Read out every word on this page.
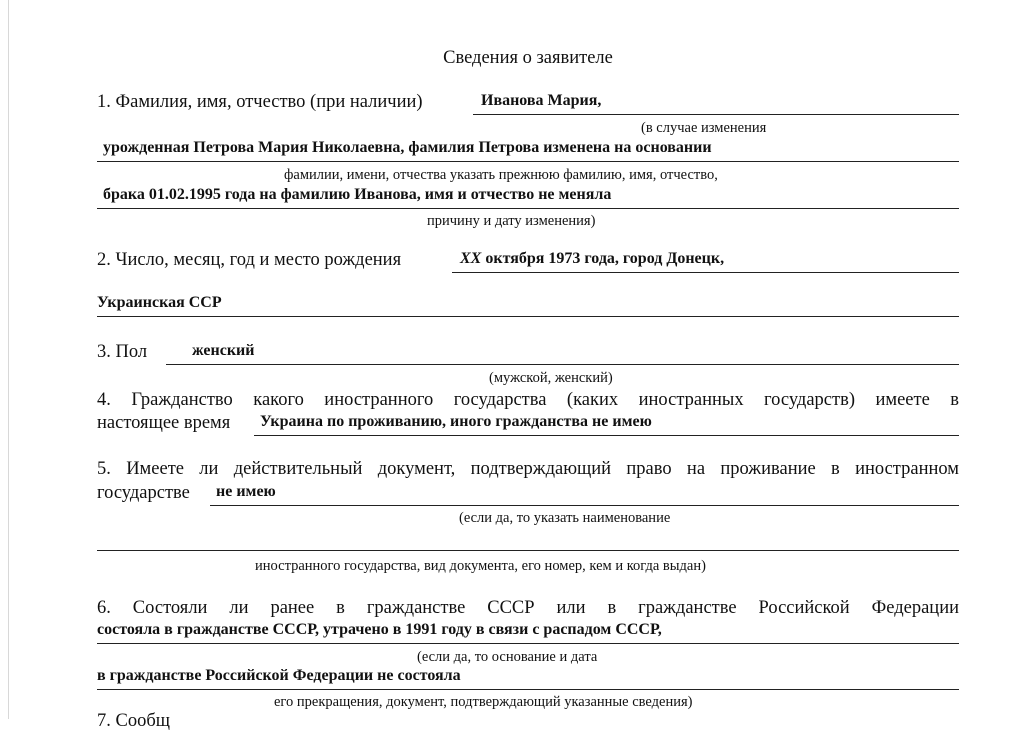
Сведения о заявителе
1. Фамилия, имя, отчество (при наличии)	Иванова Мария,
(в случае изменения
урожденная Петрова Мария Николаевна, фамилия Петрова изменена на основании
фамилии, имени, отчества указать прежнюю фамилию, имя, отчество,
брака 01.02.1995 года на фамилию Иванова, имя и отчество не меняла
причину и дату изменения)
2. Число, месяц, год и место рождения	ХХ октября 1973 года, город Донецк,
Украинская ССР
3. Пол	женский
(мужской, женский)
4. Гражданство какого иностранного государства (каких иностранных государств) имеете в
настоящее время	Украина по проживанию, иного гражданства не имею
5. Имеете ли действительный документ, подтверждающий право на проживание в иностранном
государстве	не имею
(если да, то указать наименование
иностранного государства, вид документа, его номер, кем и когда выдан)
6. Состояли ли ранее в гражданстве СССР или в гражданстве Российской Федерации
состояла в гражданстве СССР, утрачено в 1991 году в связи с распадом СССР,
(если да, то основание и дата
в гражданстве Российской Федерации не состояла
его прекращения, документ, подтверждающий указанные сведения)
7. Сообщ
